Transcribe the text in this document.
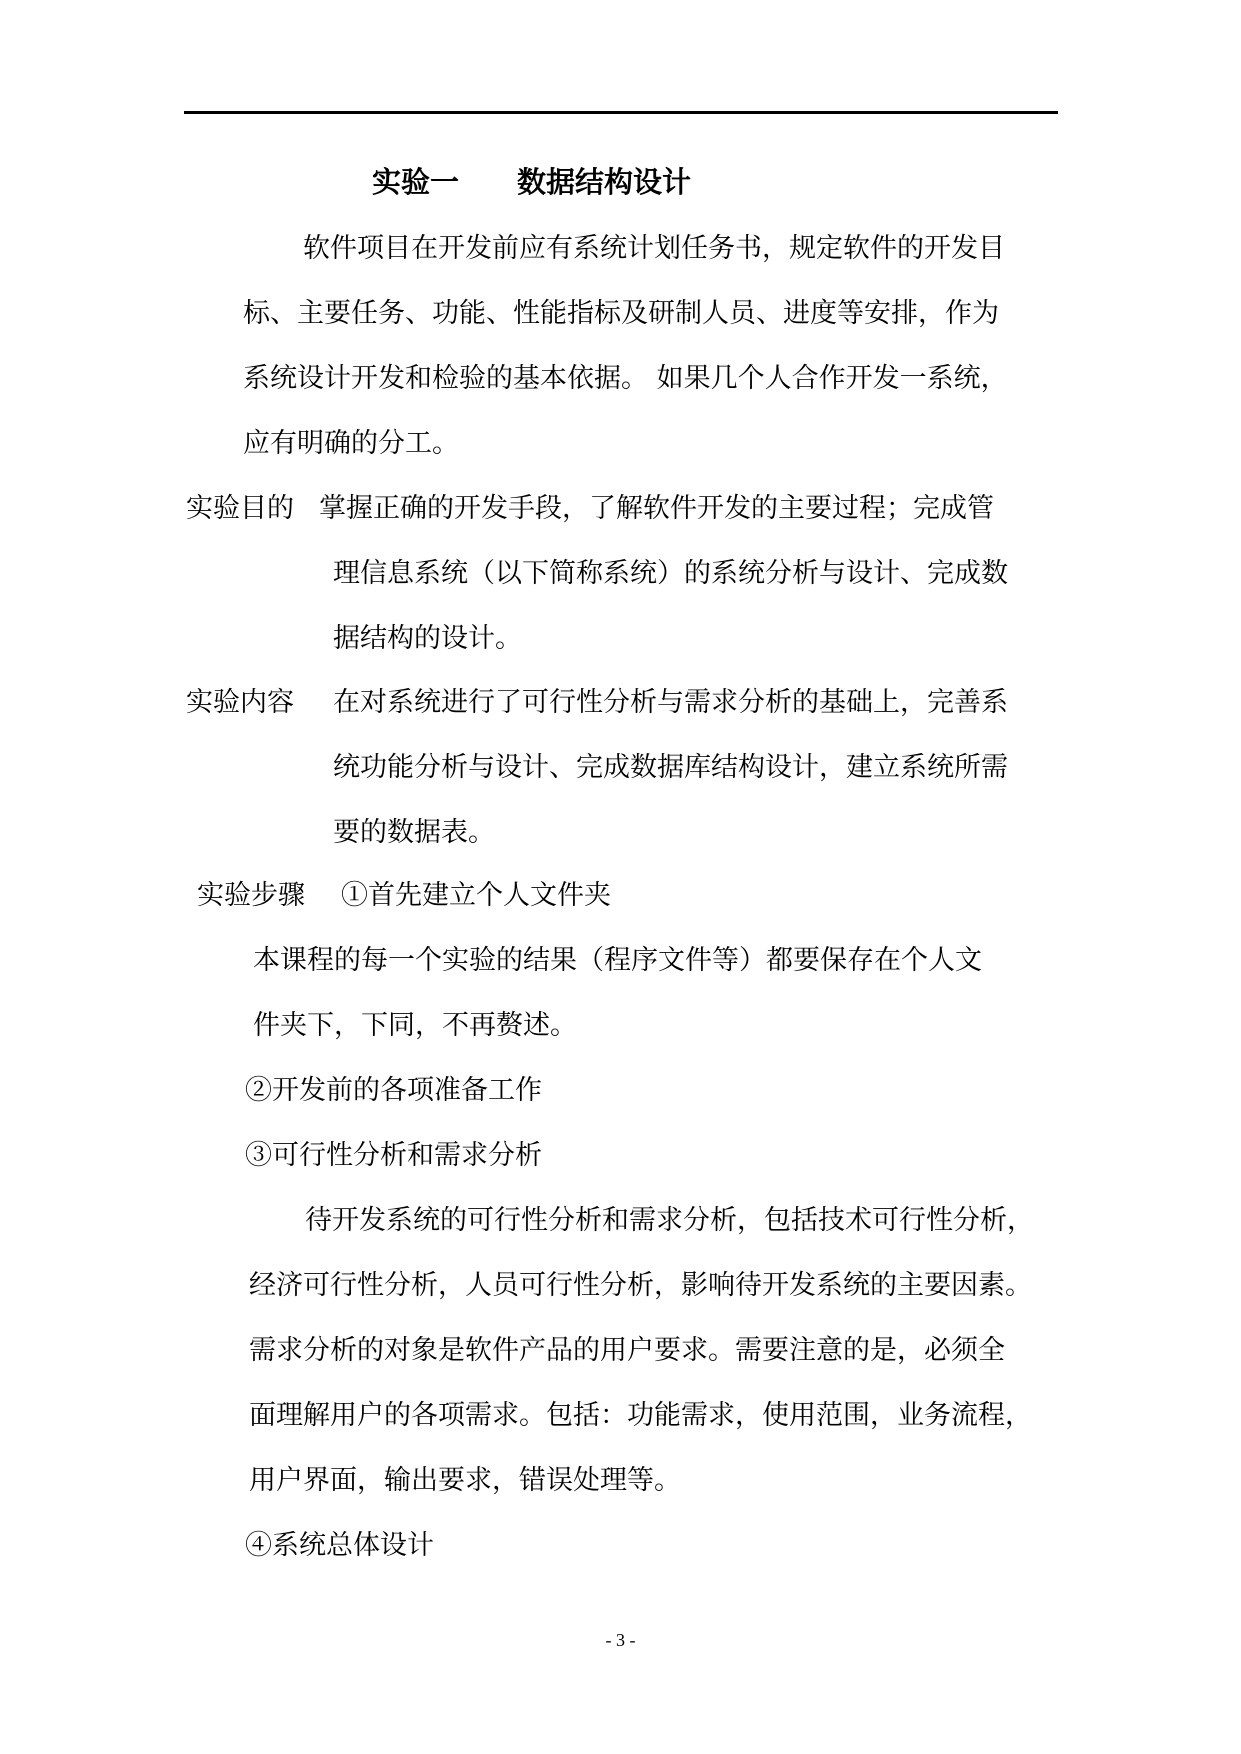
实验一 数据结构设计
软件项目在开发前应有系统计划任务书，规定软件的开发目
标、主要任务、功能、性能指标及研制人员、进度等安排，作为
系统设计开发和检验的基本依据。 如果几个人合作开发一系统，
应有明确的分工。
实验目的 掌握正确的开发手段，了解软件开发的主要过程；完成管
理信息系统（以下简称系统）的系统分析与设计、完成数
据结构的设计。
实验内容 在对系统进行了可行性分析与需求分析的基础上，完善系
统功能分析与设计、完成数据库结构设计，建立系统所需
要的数据表。
实验步骤 ①首先建立个人文件夹
本课程的每一个实验的结果（程序文件等）都要保存在个人文
件夹下，下同，不再赘述。
②开发前的各项准备工作
③可行性分析和需求分析
待开发系统的可行性分析和需求分析，包括技术可行性分析，
经济可行性分析，人员可行性分析，影响待开发系统的主要因素。
需求分析的对象是软件产品的用户要求。需要注意的是，必须全
面理解用户的各项需求。包括：功能需求，使用范围，业务流程，
用户界面，输出要求，错误处理等。
④系统总体设计
- 3 -
